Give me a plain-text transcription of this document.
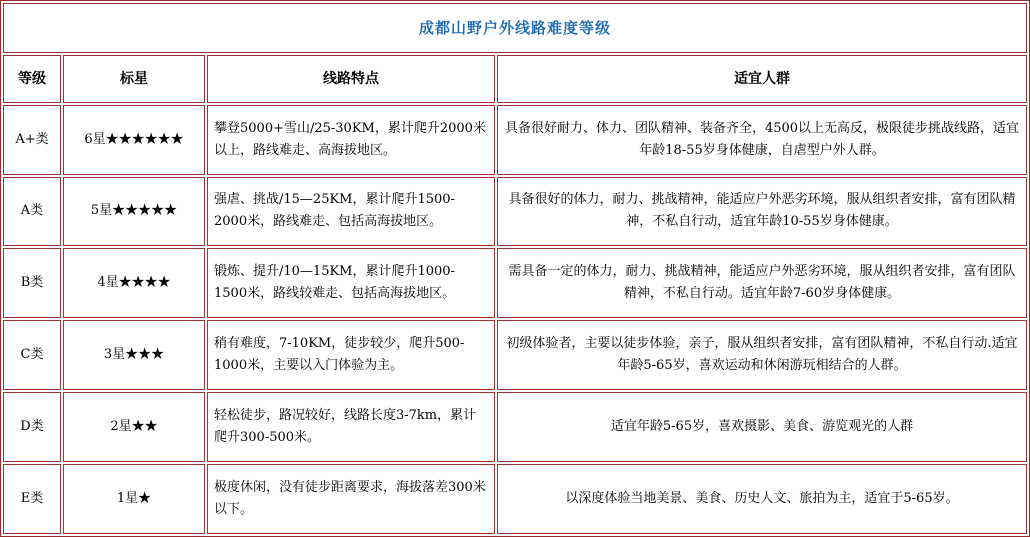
成都山野户外线路难度等级			
等级	标星	线路特点	适宜人群
A+类	6星★★★★★★	攀登5000+雪山/25-30KM，累计爬升2000米以上，路线难走、高海拔地区。	具备很好耐力、体力、团队精神、装备齐全，4500以上无高反，极限徒步挑战线路，适宜年龄18-55岁身体健康，自虐型户外人群。

A类	5星★★★★★	强虐、挑战/15—25KM，累计爬升1500-2000米，路线难走、包括高海拔地区。	具备很好的体力，耐力、挑战精神，能适应户外恶劣环境，服从组织者安排，富有团队精神，不私自行动，适宜年龄10-55岁身体健康。

B类	4星★★★★	锻炼、提升/10—15KM，累计爬升1000-1500米，路线较难走、包括高海拔地区。	需具备一定的体力，耐力、挑战精神，能适应户外恶劣环境，服从组织者安排，富有团队精神，不私自行动。适宜年龄7-60岁身体健康。

C类	3星★★★	稍有难度，7-10KM，徒步较少，爬升500-1000米，主要以入门体验为主。	初级体验者，主要以徒步体验，亲子，服从组织者安排，富有团队精神，不私自行动.适宜年龄5-65岁，喜欢运动和休闲游玩相结合的人群。

D类	2星★★	轻松徒步，路况较好，线路长度3-7km，累计爬升300-500米。	适宜年龄5-65岁，喜欢摄影、美食、游览观光的人群

E类	1星★	极度休闲，没有徒步距离要求，海拔落差300米以下。	以深度体验当地美景、美食、历史人文、旅拍为主，适宜于5-65岁。
